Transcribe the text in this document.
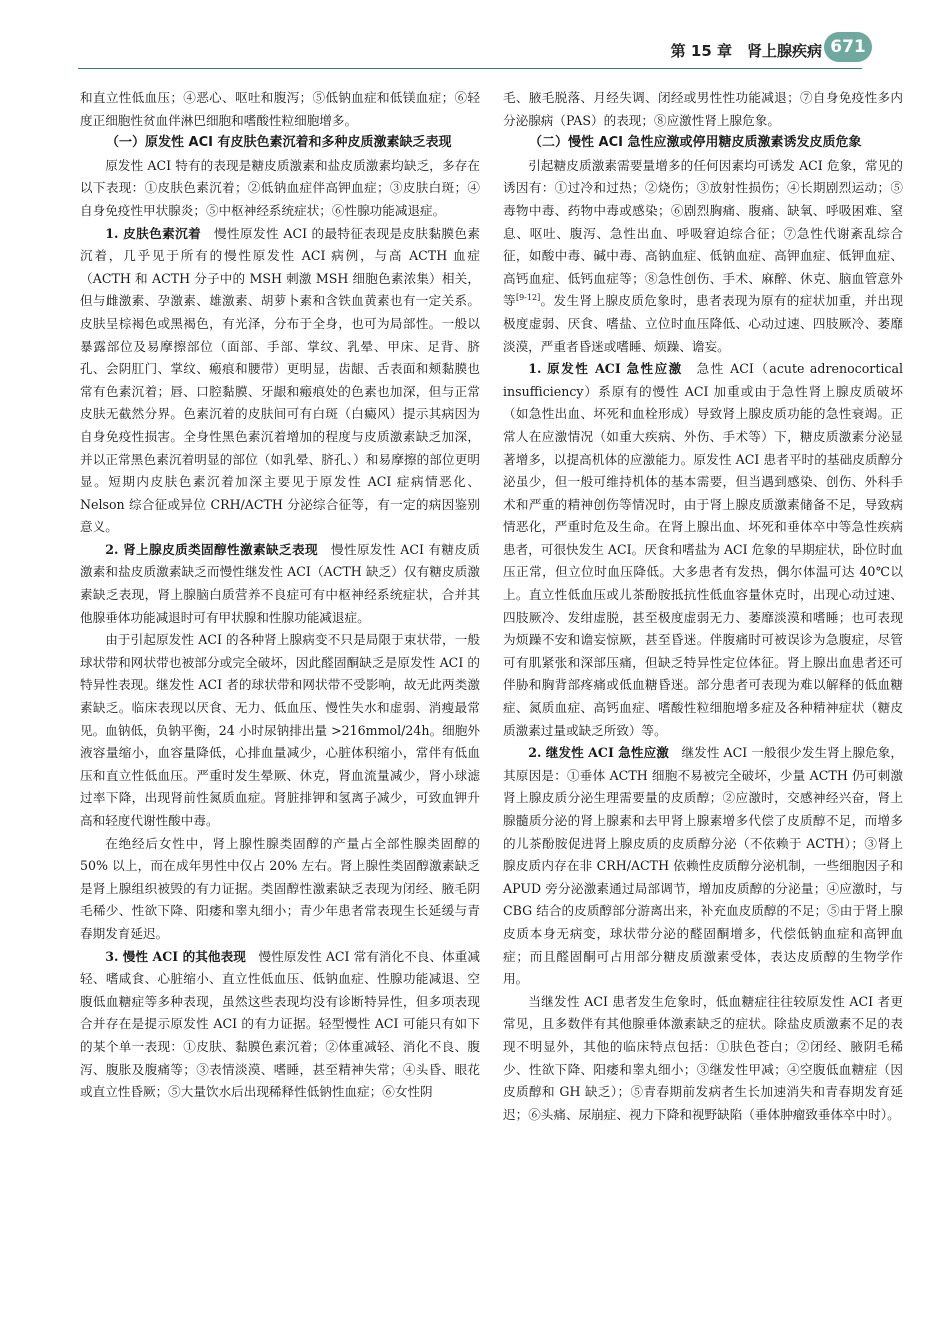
第 15 章　肾上腺疾病 671

和直立性低血压；④恶心、呕吐和腹泻；⑤低钠血症和低镁血症；⑥轻度正细胞性贫血伴淋巴细胞和嗜酸性粒细胞增多。

（一）原发性 ACI 有皮肤色素沉着和多种皮质激素缺乏表现

原发性 ACI 特有的表现是糖皮质激素和盐皮质激素均缺乏，多存在以下表现：①皮肤色素沉着；②低钠血症伴高钾血症；③皮肤白斑；④自身免疫性甲状腺炎；⑤中枢神经系统症状；⑥性腺功能减退症。

1. 皮肤色素沉着　慢性原发性 ACI 的最特征表现是皮肤黏膜色素沉着，几乎见于所有的慢性原发性 ACI 病例，与高 ACTH 血症（ACTH 和 ACTH 分子中的 MSH 刺激 MSH 细胞色素浓集）相关，但与雌激素、孕激素、雄激素、胡萝卜素和含铁血黄素也有一定关系。皮肤呈棕褐色或黑褐色，有光泽，分布于全身，也可为局部性。一般以暴露部位及易摩擦部位（面部、手部、掌纹、乳晕、甲床、足背、脐孔、会阴肛门、掌纹、瘢痕和腰带）更明显，齿龈、舌表面和颊黏膜也常有色素沉着；唇、口腔黏膜、牙龈和瘢痕处的色素也加深，但与正常皮肤无截然分界。色素沉着的皮肤间可有白斑（白癜风）提示其病因为自身免疫性损害。全身性黑色素沉着增加的程度与皮质激素缺乏加深，并以正常黑色素沉着明显的部位（如乳晕、脐孔、）和易摩擦的部位更明显。短期内皮肤色素沉着加深主要见于原发性 ACI 症病情恶化、Nelson 综合征或异位 CRH/ACTH 分泌综合征等，有一定的病因鉴别意义。

2. 肾上腺皮质类固醇性激素缺乏表现　慢性原发性 ACI 有糖皮质激素和盐皮质激素缺乏而慢性继发性 ACI（ACTH 缺乏）仅有糖皮质激素缺乏表现，肾上腺脑白质营养不良症可有中枢神经系统症状，合并其他腺垂体功能减退时可有甲状腺和性腺功能减退症。

由于引起原发性 ACI 的各种肾上腺病变不只是局限于束状带，一般球状带和网状带也被部分或完全破坏，因此醛固酮缺乏是原发性 ACI 的特异性表现。继发性 ACI 者的球状带和网状带不受影响，故无此两类激素缺乏。临床表现以厌食、无力、低血压、慢性失水和虚弱、消瘦最常见。血钠低，负钠平衡，24 小时尿钠排出量 >216mmol/24h。细胞外液容量缩小，血容量降低，心排血量减少，心脏体积缩小，常伴有低血压和直立性低血压。严重时发生晕厥、休克，肾血流量减少，肾小球滤过率下降，出现肾前性氮质血症。肾脏排钾和氢离子减少，可致血钾升高和轻度代谢性酸中毒。

在绝经后女性中，肾上腺性腺类固醇的产量占全部性腺类固醇的 50% 以上，而在成年男性中仅占 20% 左右。肾上腺性类固醇激素缺乏是肾上腺组织被毁的有力证据。类固醇性激素缺乏表现为闭经、腋毛阴毛稀少、性欲下降、阳痿和睾丸细小；青少年患者常表现生长延缓与青春期发育延迟。

3. 慢性 ACI 的其他表现　慢性原发性 ACI 常有消化不良、体重减轻、嗜咸食、心脏缩小、直立性低血压、低钠血症、性腺功能减退、空腹低血糖症等多种表现，虽然这些表现均没有诊断特异性，但多项表现合并存在是提示原发性 ACI 的有力证据。轻型慢性 ACI 可能只有如下的某个单一表现：①皮肤、黏膜色素沉着；②体重减轻、消化不良、腹泻、腹胀及腹痛等；③表情淡漠、嗜睡，甚至精神失常；④头昏、眼花或直立性昏厥；⑤大量饮水后出现稀释性低钠性血症；⑥女性阴

毛、腋毛脱落、月经失调、闭经或男性性功能减退；⑦自身免疫性多内分泌腺病（PAS）的表现；⑧应激性肾上腺危象。

（二）慢性 ACI 急性应激或停用糖皮质激素诱发皮质危象

引起糖皮质激素需要量增多的任何因素均可诱发 ACI 危象，常见的诱因有：①过冷和过热；②烧伤；③放射性损伤；④长期剧烈运动；⑤毒物中毒、药物中毒或感染；⑥剧烈胸痛、腹痛、缺氧、呼吸困难、窒息、呕吐、腹泻、急性出血、呼吸窘迫综合征；⑦急性代谢紊乱综合征，如酸中毒、碱中毒、高钠血症、低钠血症、高钾血症、低钾血症、高钙血症、低钙血症等；⑧急性创伤、手术、麻醉、休克、脑血管意外等[9-12]。发生肾上腺皮质危象时，患者表现为原有的症状加重，并出现极度虚弱、厌食、嗜盐、立位时血压降低、心动过速、四肢厥冷、萎靡淡漠，严重者昏迷或嗜睡、烦躁、谵妄。

1. 原发性 ACI 急性应激　急性 ACI（acute adrenocortical insufficiency）系原有的慢性 ACI 加重或由于急性肾上腺皮质破坏（如急性出血、坏死和血栓形成）导致肾上腺皮质功能的急性衰竭。正常人在应激情况（如重大疾病、外伤、手术等）下，糖皮质激素分泌显著增多，以提高机体的应激能力。原发性 ACI 患者平时的基础皮质醇分泌虽少，但一般可维持机体的基本需要，但当遇到感染、创伤、外科手术和严重的精神创伤等情况时，由于肾上腺皮质激素储备不足，导致病情恶化，严重时危及生命。在肾上腺出血、坏死和垂体卒中等急性疾病患者，可很快发生 ACI。厌食和嗜盐为 ACI 危象的早期症状，卧位时血压正常，但立位时血压降低。大多患者有发热，偶尔体温可达 40℃以上。直立性低血压或儿茶酚胺抵抗性低血容量休克时，出现心动过速、四肢厥冷、发绀虚脱，甚至极度虚弱无力、萎靡淡漠和嗜睡；也可表现为烦躁不安和谵妄惊厥，甚至昏迷。伴腹痛时可被误诊为急腹症，尽管可有肌紧张和深部压痛，但缺乏特异性定位体征。肾上腺出血患者还可伴胁和胸背部疼痛或低血糖昏迷。部分患者可表现为难以解释的低血糖症、氮质血症、高钙血症、嗜酸性粒细胞增多症及各种精神症状（糖皮质激素过量或缺乏所致）等。

2. 继发性 ACI 急性应激　继发性 ACI 一般很少发生肾上腺危象，其原因是：①垂体 ACTH 细胞不易被完全破坏，少量 ACTH 仍可刺激肾上腺皮质分泌生理需要量的皮质醇；②应激时，交感神经兴奋，肾上腺髓质分泌的肾上腺素和去甲肾上腺素增多代偿了皮质醇不足，而增多的儿茶酚胺促进肾上腺皮质的皮质醇分泌（不依赖于 ACTH）；③肾上腺皮质内存在非 CRH/ACTH 依赖性皮质醇分泌机制，一些细胞因子和 APUD 旁分泌激素通过局部调节，增加皮质醇的分泌量；④应激时，与 CBG 结合的皮质醇部分游离出来，补充血皮质醇的不足；⑤由于肾上腺皮质本身无病变，球状带分泌的醛固酮增多，代偿低钠血症和高钾血症；而且醛固酮可占用部分糖皮质激素受体，表达皮质醇的生物学作用。

当继发性 ACI 患者发生危象时，低血糖症往往较原发性 ACI 者更常见，且多数伴有其他腺垂体激素缺乏的症状。除盐皮质激素不足的表现不明显外，其他的临床特点包括：①肤色苍白；②闭经、腋阴毛稀少、性欲下降、阳痿和睾丸细小；③继发性甲减；④空腹低血糖症（因皮质醇和 GH 缺乏）；⑤青春期前发病者生长加速消失和青春期发育延迟；⑥头痛、尿崩症、视力下降和视野缺陷（垂体肿瘤致垂体卒中时）。
